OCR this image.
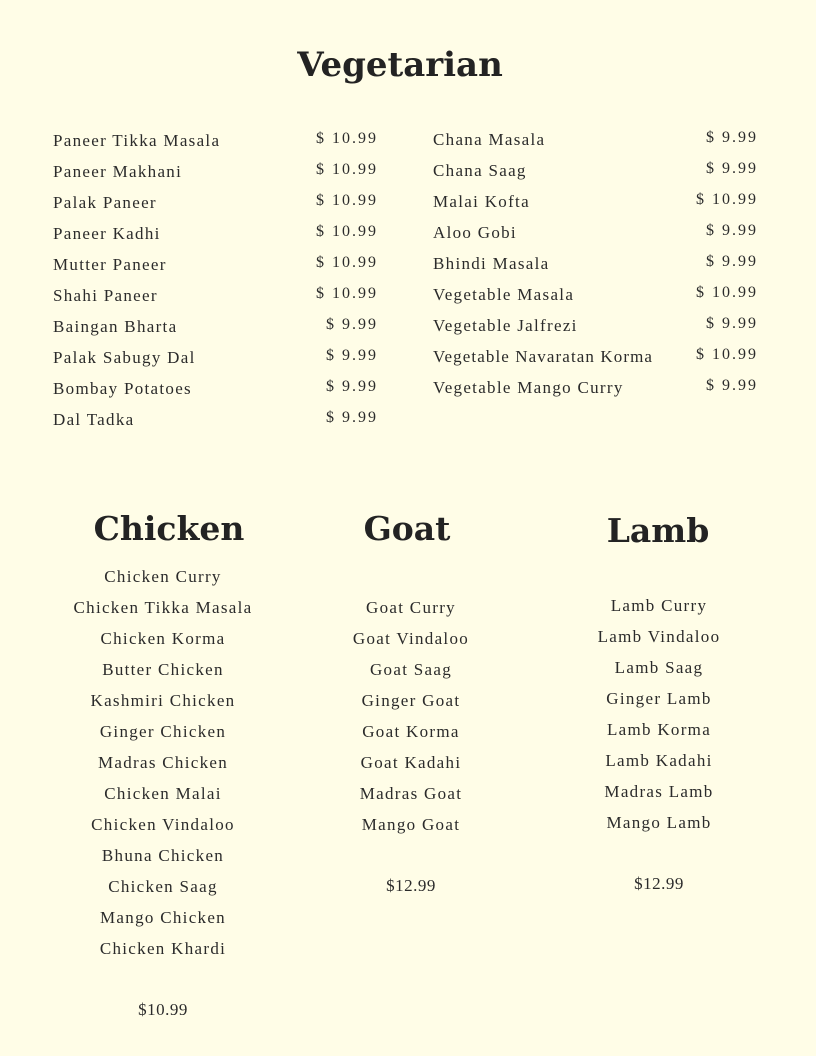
Vegetarian
Paneer Tikka Masala	$ 10.99
Paneer Makhani	$ 10.99
Palak Paneer	$ 10.99
Paneer Kadhi	$ 10.99
Mutter Paneer	$ 10.99
Shahi Paneer	$ 10.99
Baingan Bharta	$ 9.99
Palak Sabugy Dal	$ 9.99
Bombay Potatoes	$ 9.99
Dal Tadka	$ 9.99
Chana Masala	$ 9.99
Chana Saag	$ 9.99
Malai Kofta	$ 10.99
Aloo Gobi	$ 9.99
Bhindi Masala	$ 9.99
Vegetable Masala	$ 10.99
Vegetable Jalfrezi	$ 9.99
Vegetable Navaratan Korma	$ 10.99
Vegetable Mango Curry	$ 9.99
Chicken
Chicken Curry
Chicken Tikka Masala
Chicken Korma
Butter Chicken
Kashmiri Chicken
Ginger Chicken
Madras Chicken
Chicken Malai
Chicken Vindaloo
Bhuna Chicken
Chicken Saag
Mango Chicken
Chicken Khardi
$10.99
Goat
Goat Curry
Goat Vindaloo
Goat Saag
Ginger Goat
Goat Korma
Goat Kadahi
Madras Goat
Mango Goat
$12.99
Lamb
Lamb Curry
Lamb Vindaloo
Lamb Saag
Ginger Lamb
Lamb Korma
Lamb Kadahi
Madras Lamb
Mango Lamb
$12.99
